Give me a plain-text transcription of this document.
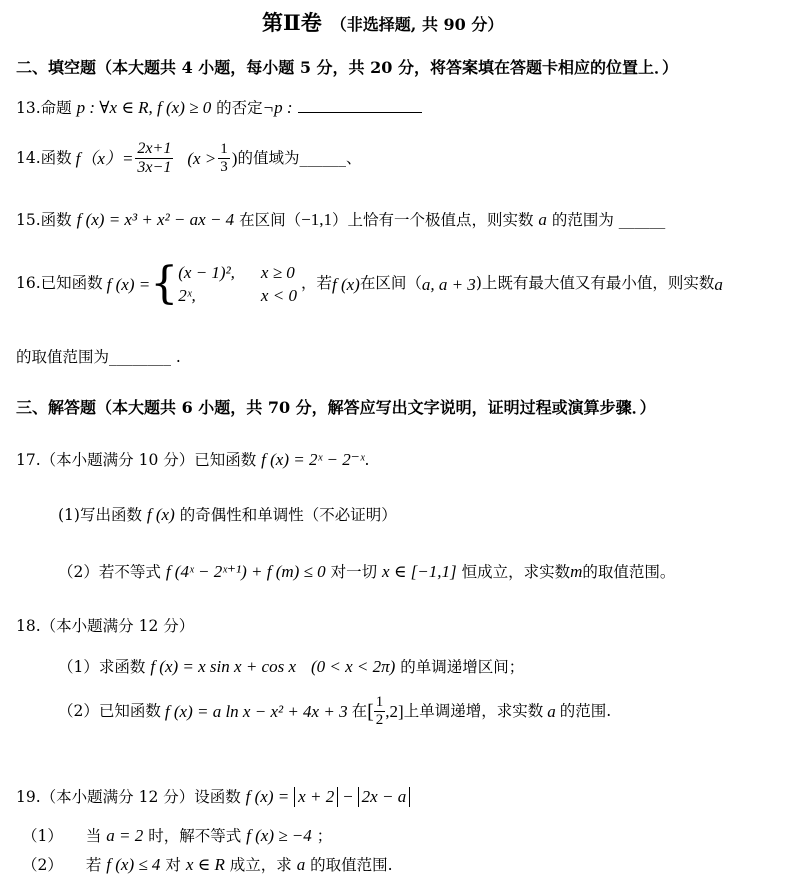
第Ⅱ卷 （非选择题, 共 90 分）
二、填空题（本大题共 4 小题，每小题 5 分，共 20 分，将答案填在答题卡相应的位置上．）
13.命题 p : ∀x ∈ R, f (x) ≥ 0 的否定¬p :
14. 函数 $f(x)= \frac{2x+1}{3x-1} (x > \frac{1}{3}$ ) 的值域为______、
15.函数 f (x) = x³ + x² − ax − 4 在区间（−1,1）上恰有一个极值点，则实数 a 的范围为 ______
16. 已知函数 f (x) = { (x − 1)², x ≥ 0
2ˣ,	x < 0
，若 f (x) 在区间（ a, a + 3 )上既有最大值又有最小值，则实数 a
的取值范围为________ .
三、解答题（本大题共 6 小题，共 70 分，解答应写出文字说明，证明过程或演算步骤．）
17.（本小题满分 10 分）已知函数 f (x) = 2ˣ − 2⁻ˣ.
(1)写出函数 f (x) 的奇偶性和单调性（不必证明）
（2）若不等式 f (4ˣ − 2ˣ⁺¹) + f (m) ≤ 0 对一切 x ∈ [−1,1] 恒成立，求实数m的取值范围。
18.（本小题满分 12 分）
（1）求函数 f (x) = x sin x + cos x (0 < x < 2π) 的单调递增区间；
（2） 已知函数 f (x) = a ln x − x² + 4x + 3 在 [ $\frac{1}{2} ,2$] 上单调递增，求实数 a 的范围.
19.（本小题满分 12 分）设函数 f (x) = x + 2 − 2x − a
（1） 当 a = 2 时，解不等式 f (x) ≥ −4 ；
（2） 若 f (x) ≤ 4 对 x ∈ R 成立，求 a 的取值范围.
